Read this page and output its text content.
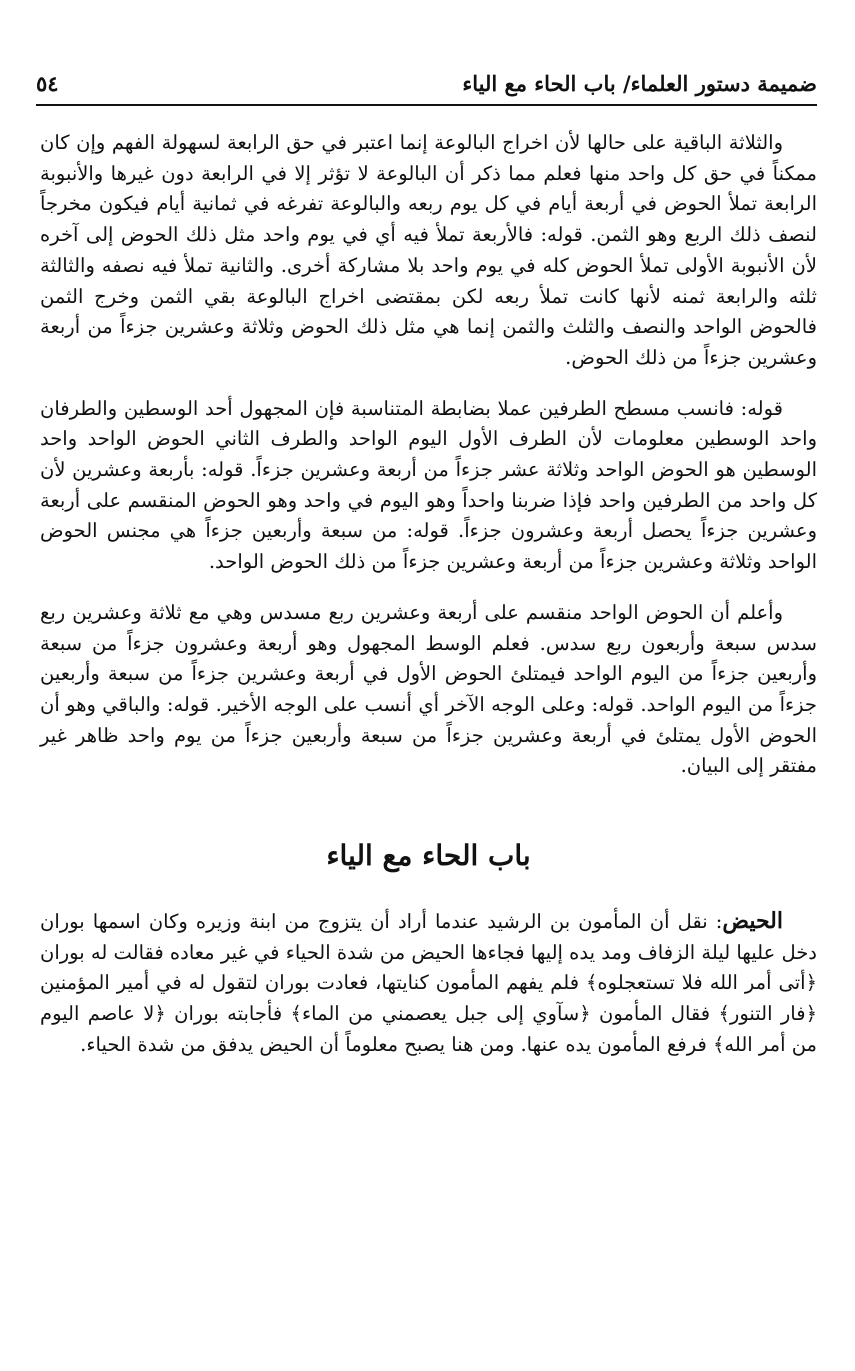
ضميمة دستور العلماء/ باب الحاء مع الياء
٥٤

والثلاثة الباقية على حالها لأن اخراج البالوعة إنما اعتبر في حق الرابعة لسهولة الفهم وإن كان ممكناً في حق كل واحد منها فعلم مما ذكر أن البالوعة لا تؤثر إلا في الرابعة دون غيرها والأنبوبة الرابعة تملأ الحوض في أربعة أيام في كل يوم ربعه والبالوعة تفرغه في ثمانية أيام فيكون مخرجاً لنصف ذلك الربع وهو الثمن. قوله: فالأربعة تملأ فيه أي في يوم واحد مثل ذلك الحوض إلى آخره لأن الأنبوبة الأولى تملأ الحوض كله في يوم واحد بلا مشاركة أخرى. والثانية تملأ فيه نصفه والثالثة ثلثه والرابعة ثمنه لأنها كانت تملأ ربعه لكن بمقتضى اخراج البالوعة بقي الثمن وخرج الثمن فالحوض الواحد والنصف والثلث والثمن إنما هي مثل ذلك الحوض وثلاثة وعشرين جزءاً من أربعة وعشرين جزءاً من ذلك الحوض.

قوله: فانسب مسطح الطرفين عملا بضابطة المتناسبة فإن المجهول أحد الوسطين والطرفان واحد الوسطين معلومات لأن الطرف الأول اليوم الواحد والطرف الثاني الحوض الواحد واحد الوسطين هو الحوض الواحد وثلاثة عشر جزءاً من أربعة وعشرين جزءاً. قوله: بأربعة وعشرين لأن كل واحد من الطرفين واحد فإذا ضربنا واحداً وهو اليوم في واحد وهو الحوض المنقسم على أربعة وعشرين جزءاً يحصل أربعة وعشرون جزءاً. قوله: من سبعة وأربعين جزءاً هي مجنس الحوض الواحد وثلاثة وعشرين جزءاً من أربعة وعشرين جزءاً من ذلك الحوض الواحد.

وأعلم أن الحوض الواحد منقسم على أربعة وعشرين ربع مسدس وهي مع ثلاثة وعشرين ربع سدس سبعة وأربعون ربع سدس. فعلم الوسط المجهول وهو أربعة وعشرون جزءاً من سبعة وأربعين جزءاً من اليوم الواحد فيمتلئ الحوض الأول في أربعة وعشرين جزءاً من سبعة وأربعين جزءاً من اليوم الواحد. قوله: وعلى الوجه الآخر أي أنسب على الوجه الأخير. قوله: والباقي وهو أن الحوض الأول يمتلئ في أربعة وعشرين جزءاً من سبعة وأربعين جزءاً من يوم واحد ظاهر غير مفتقر إلى البيان.

باب الحاء مع الياء

الحيض: نقل أن المأمون بن الرشيد عندما أراد أن يتزوج من ابنة وزيره وكان اسمها بوران دخل عليها ليلة الزفاف ومد يده إليها فجاءها الحيض من شدة الحياء في غير معاده فقالت له بوران ﴿أتى أمر الله فلا تستعجلوه﴾ فلم يفهم المأمون كنايتها، فعادت بوران لتقول له في أمير المؤمنين ﴿فار التنور﴾ فقال المأمون ﴿سآوي إلى جبل يعصمني من الماء﴾ فأجابته بوران ﴿لا عاصم اليوم من أمر الله﴾ فرفع المأمون يده عنها. ومن هنا يصبح معلوماً أن الحيض يدفق من شدة الحياء.
